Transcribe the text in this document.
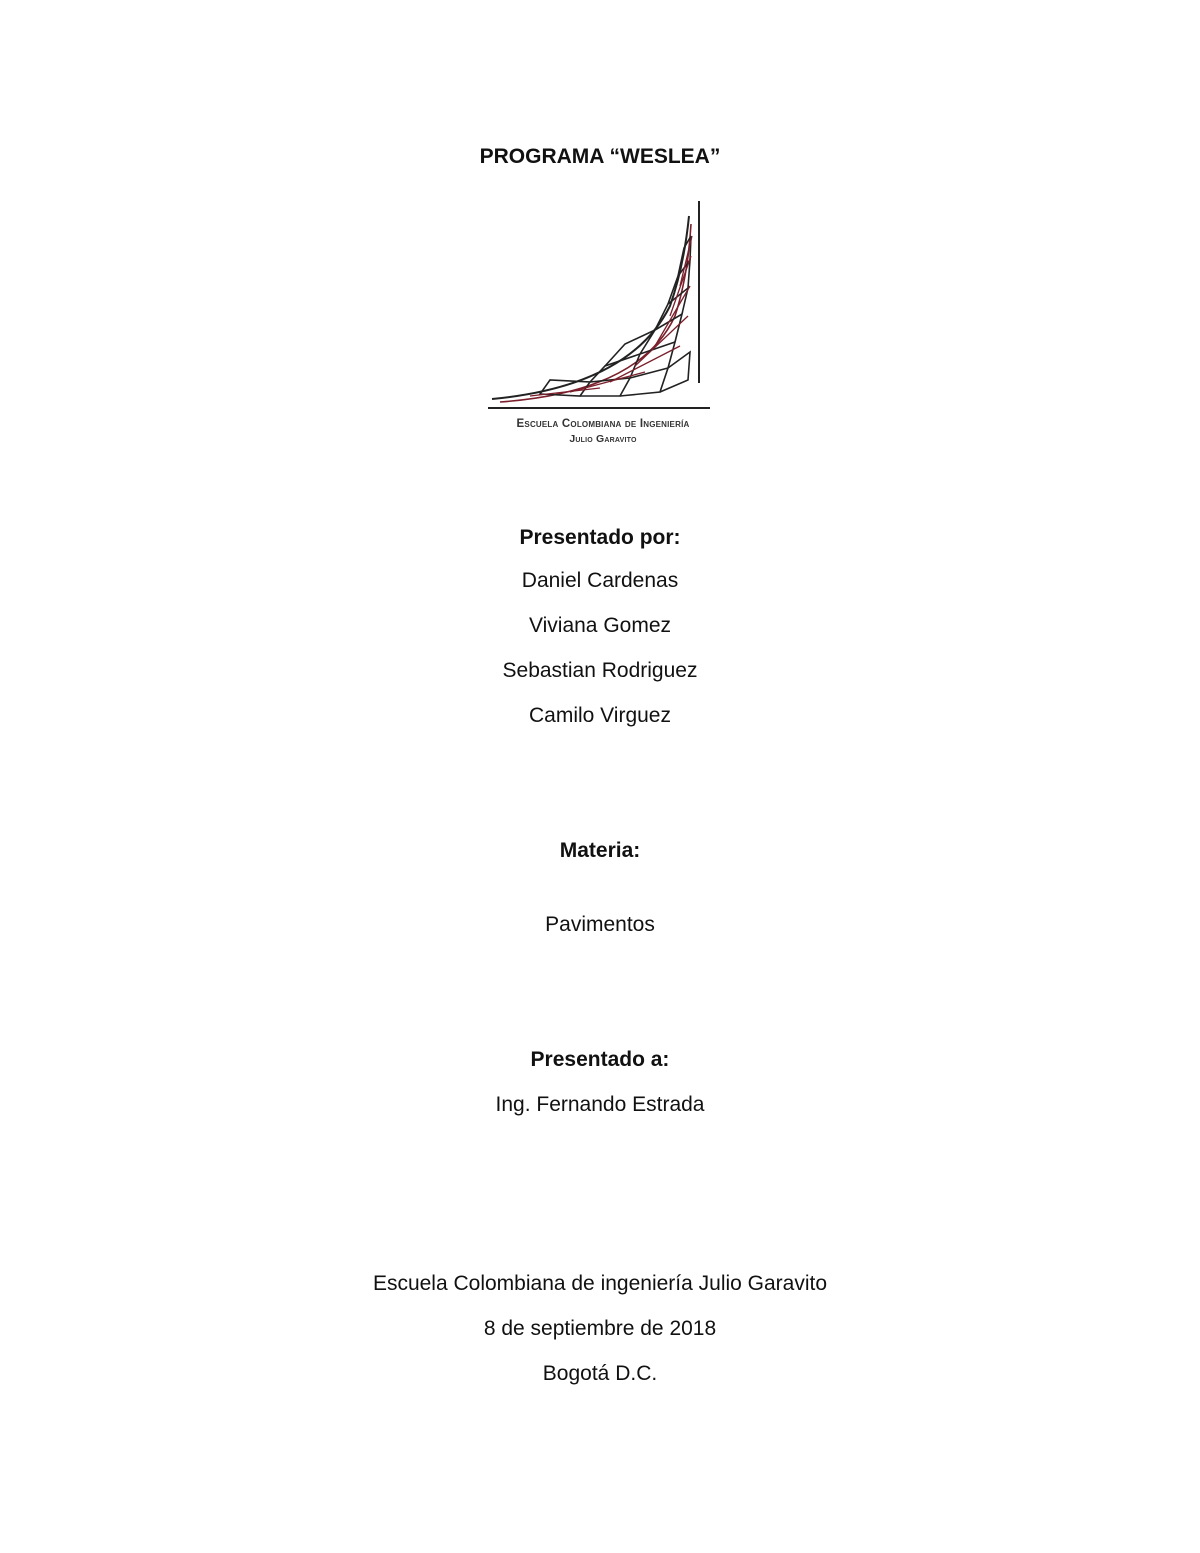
PROGRAMA “WESLEA”
Escuela Colombiana de Ingeniería
Julio Garavito
Presentado por:
Daniel Cardenas
Viviana Gomez
Sebastian Rodriguez
Camilo Virguez
Materia:
Pavimentos
Presentado a:
Ing. Fernando Estrada
Escuela Colombiana de ingeniería Julio Garavito
8 de septiembre de 2018
Bogotá D.C.
